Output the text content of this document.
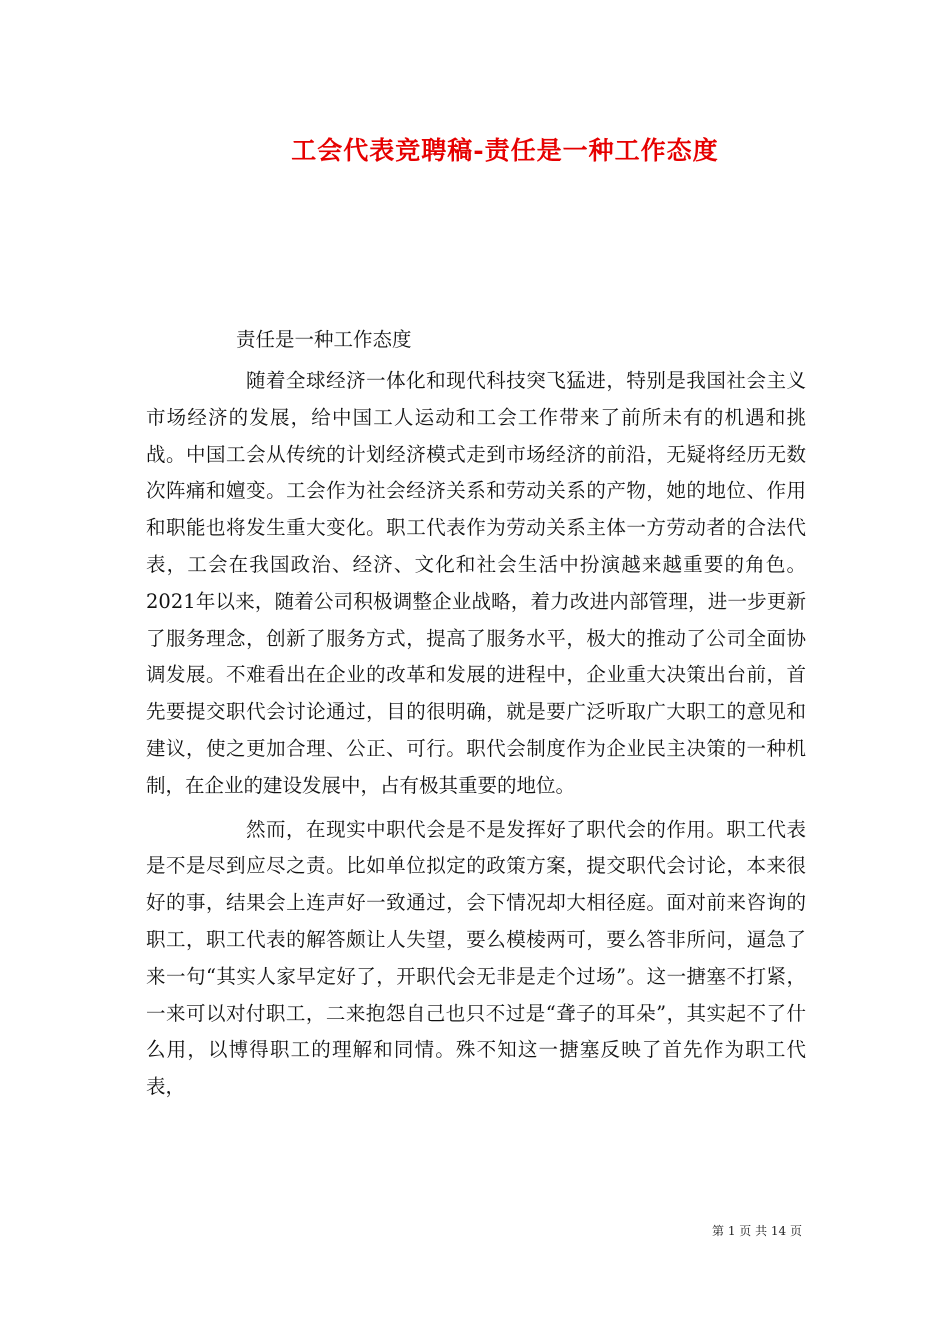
工会代表竞聘稿-责任是一种工作态度
责任是一种工作态度

随着全球经济一体化和现代科技突飞猛进，特别是我国社会主义市场经济的发展，给中国工人运动和工会工作带来了前所未有的机遇和挑战。中国工会从传统的计划经济模式走到市场经济的前沿，无疑将经历无数次阵痛和嬗变。工会作为社会经济关系和劳动关系的产物，她的地位、作用和职能也将发生重大变化。职工代表作为劳动关系主体一方劳动者的合法代表，工会在我国政治、经济、文化和社会生活中扮演越来越重要的角色。2021年以来，随着公司积极调整企业战略，着力改进内部管理，进一步更新了服务理念，创新了服务方式，提高了服务水平，极大的推动了公司全面协调发展。不难看出在企业的改革和发展的进程中，企业重大决策出台前，首先要提交职代会讨论通过，目的很明确，就是要广泛听取广大职工的意见和建议，使之更加合理、公正、可行。职代会制度作为企业民主决策的一种机制，在企业的建设发展中，占有极其重要的地位。

然而，在现实中职代会是不是发挥好了职代会的作用。职工代表是不是尽到应尽之责。比如单位拟定的政策方案，提交职代会讨论，本来很好的事，结果会上连声好一致通过，会下情况却大相径庭。面对前来咨询的职工，职工代表的解答颇让人失望，要么模棱两可，要么答非所问，逼急了来一句“其实人家早定好了，开职代会无非是走个过场”。这一搪塞不打紧，一来可以对付职工，二来抱怨自己也只不过是“聋子的耳朵”，其实起不了什么用，以博得职工的理解和同情。殊不知这一搪塞反映了首先作为职工代表，

第 1 页 共 14 页
